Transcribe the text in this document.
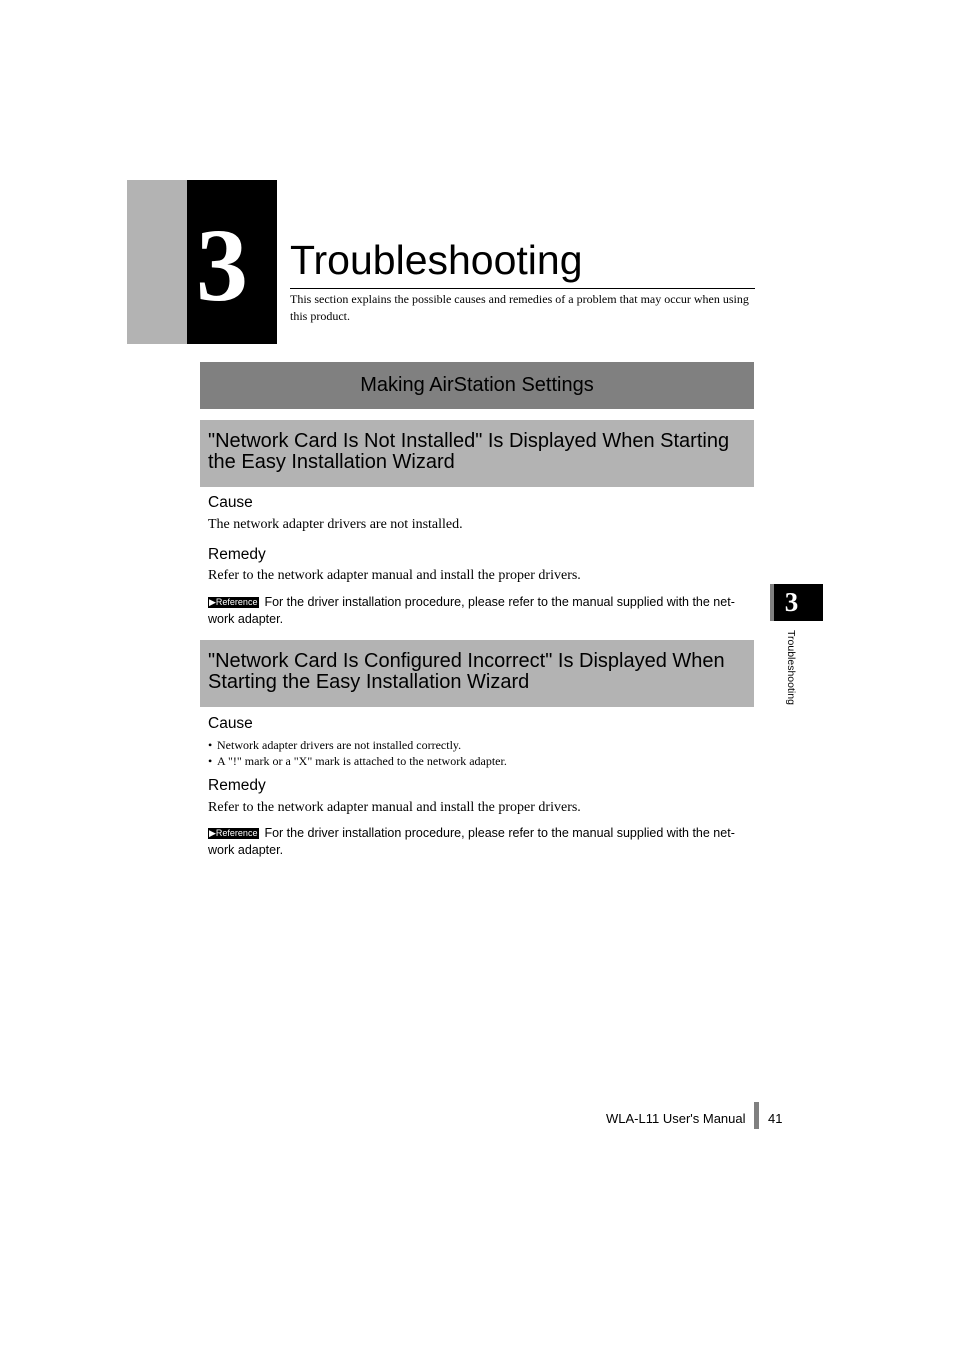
3 Troubleshooting
This section explains the possible causes and remedies of a problem that may occur when using this product.
Making AirStation Settings
"Network Card Is Not Installed" Is Displayed When Starting
the Easy Installation Wizard
Cause
The network adapter drivers are not installed.
Remedy
Refer to the network adapter manual and install the proper drivers.
▶Reference For the driver installation procedure, please refer to the manual supplied with the net-work adapter.
"Network Card Is Configured Incorrect" Is Displayed When
Starting the Easy Installation Wizard
Cause
• Network adapter drivers are not installed correctly.
• A "!" mark or a "X" mark is attached to the network adapter.
Remedy
Refer to the network adapter manual and install the proper drivers.
▶Reference For the driver installation procedure, please refer to the manual supplied with the net-work adapter.
3
Troubleshooting
WLA-L11 User's Manual 41
